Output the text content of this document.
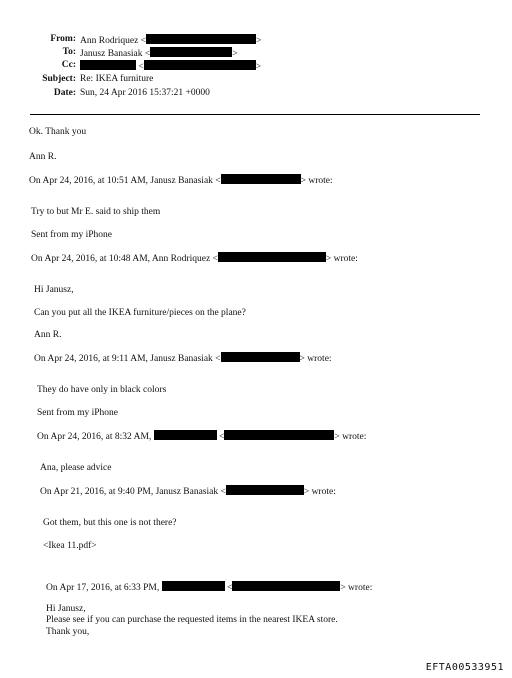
From: Ann Rodriquez <	>
To: Janusz Banasiak <	>
Cc:	<	>
Subject: Re: IKEA furniture
Date: Sun, 24 Apr 2016 15:37:21 +0000
Ok. Thank you
Ann R.
On Apr 24, 2016, at 10:51 AM, Janusz Banasiak <	> wrote:
Try to but Mr E. said to ship them
Sent from my iPhone
On Apr 24, 2016, at 10:48 AM, Ann Rodriquez <	> wrote:
Hi Janusz,
Can you put all the IKEA furniture/pieces on the plane?
Ann R.
On Apr 24, 2016, at 9:11 AM, Janusz Banasiak <	> wrote:
They do have only in black colors
Sent from my iPhone
On Apr 24, 2016, at 8:32 AM,	<	> wrote:
Ana, please advice
On Apr 21, 2016, at 9:40 PM, Janusz Banasiak <	> wrote:
Got them, but this one is not there?
<Ikea 11.pdf>
On Apr 17, 2016, at 6:33 PM,	<	> wrote:
Hi Janusz,
Please see if you can purchase the requested items in the nearest IKEA store.
Thank you,
EFTA00533951
